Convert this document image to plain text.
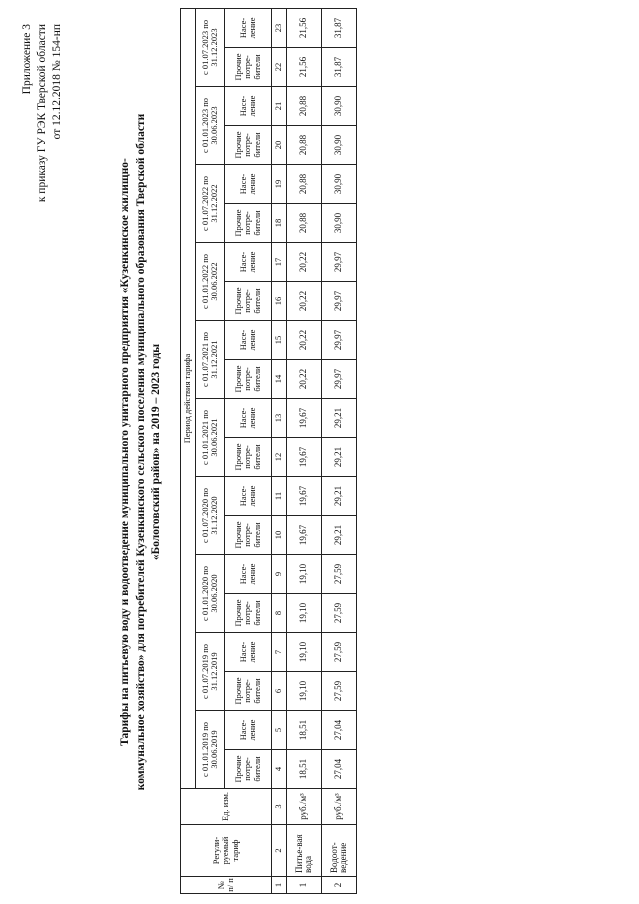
Приложение 3 к приказу ГУ РЭК Тверской области от 12.12.2018 № 154-нп
Тарифы на питьевую воду и водоотведение муниципального унитарного предприятия «Кузенкинское жилищно- коммунальное хозяйство» для потребителей Кузенкинского сельского поселения муниципального образования Тверской области «Бологовский район» на 2019 – 2023 годы
№ п/ п	Регули-руемый тариф	Ед. изм.	Период действия тарифа																			
			с 01.01.2019 по 30.06.2019		с 01.07.2019 по 31.12.2019		с 01.01.2020 по 30.06.2020		с 01.07.2020 по 31.12.2020		с 01.01.2021 по 30.06.2021		с 01.07.2021 по 31.12.2021		с 01.01.2022 по 30.06.2022		с 01.07.2022 по 31.12.2022		с 01.01.2023 по 30.06.2023		с 01.07.2023 по 31.12.2023	
			Прочие потре-бители	Насе-ление	Прочие потре-бители	Насе-ление	Прочие потре-бители	Насе-ление	Прочие потре-бители	Насе-ление	Прочие потре-бители	Насе-ление	Прочие потре-бители	Насе-ление	Прочие потре-бители	Насе-ление	Прочие потре-бители	Насе-ление	Прочие потре-бители	Насе-ление	Прочие потре-бители	Насе-ление
1	2	3	4	5	6	7	8	9	10	11	12	13	14	15	16	17	18	19	20	21	22	23
1	Питье-вая вода	руб./м³	18,51	18,51	19,10	19,10	19,10	19,10	19,67	19,67	19,67	19,67	20,22	20,22	20,22	20,22	20,88	20,88	20,88	20,88	21,56	21,56
2	Водоот-ведение	руб./м³	27,04	27,04	27,59	27,59	27,59	27,59	29,21	29,21	29,21	29,21	29,97	29,97	29,97	29,97	30,90	30,90	30,90	30,90	31,87	31,87
